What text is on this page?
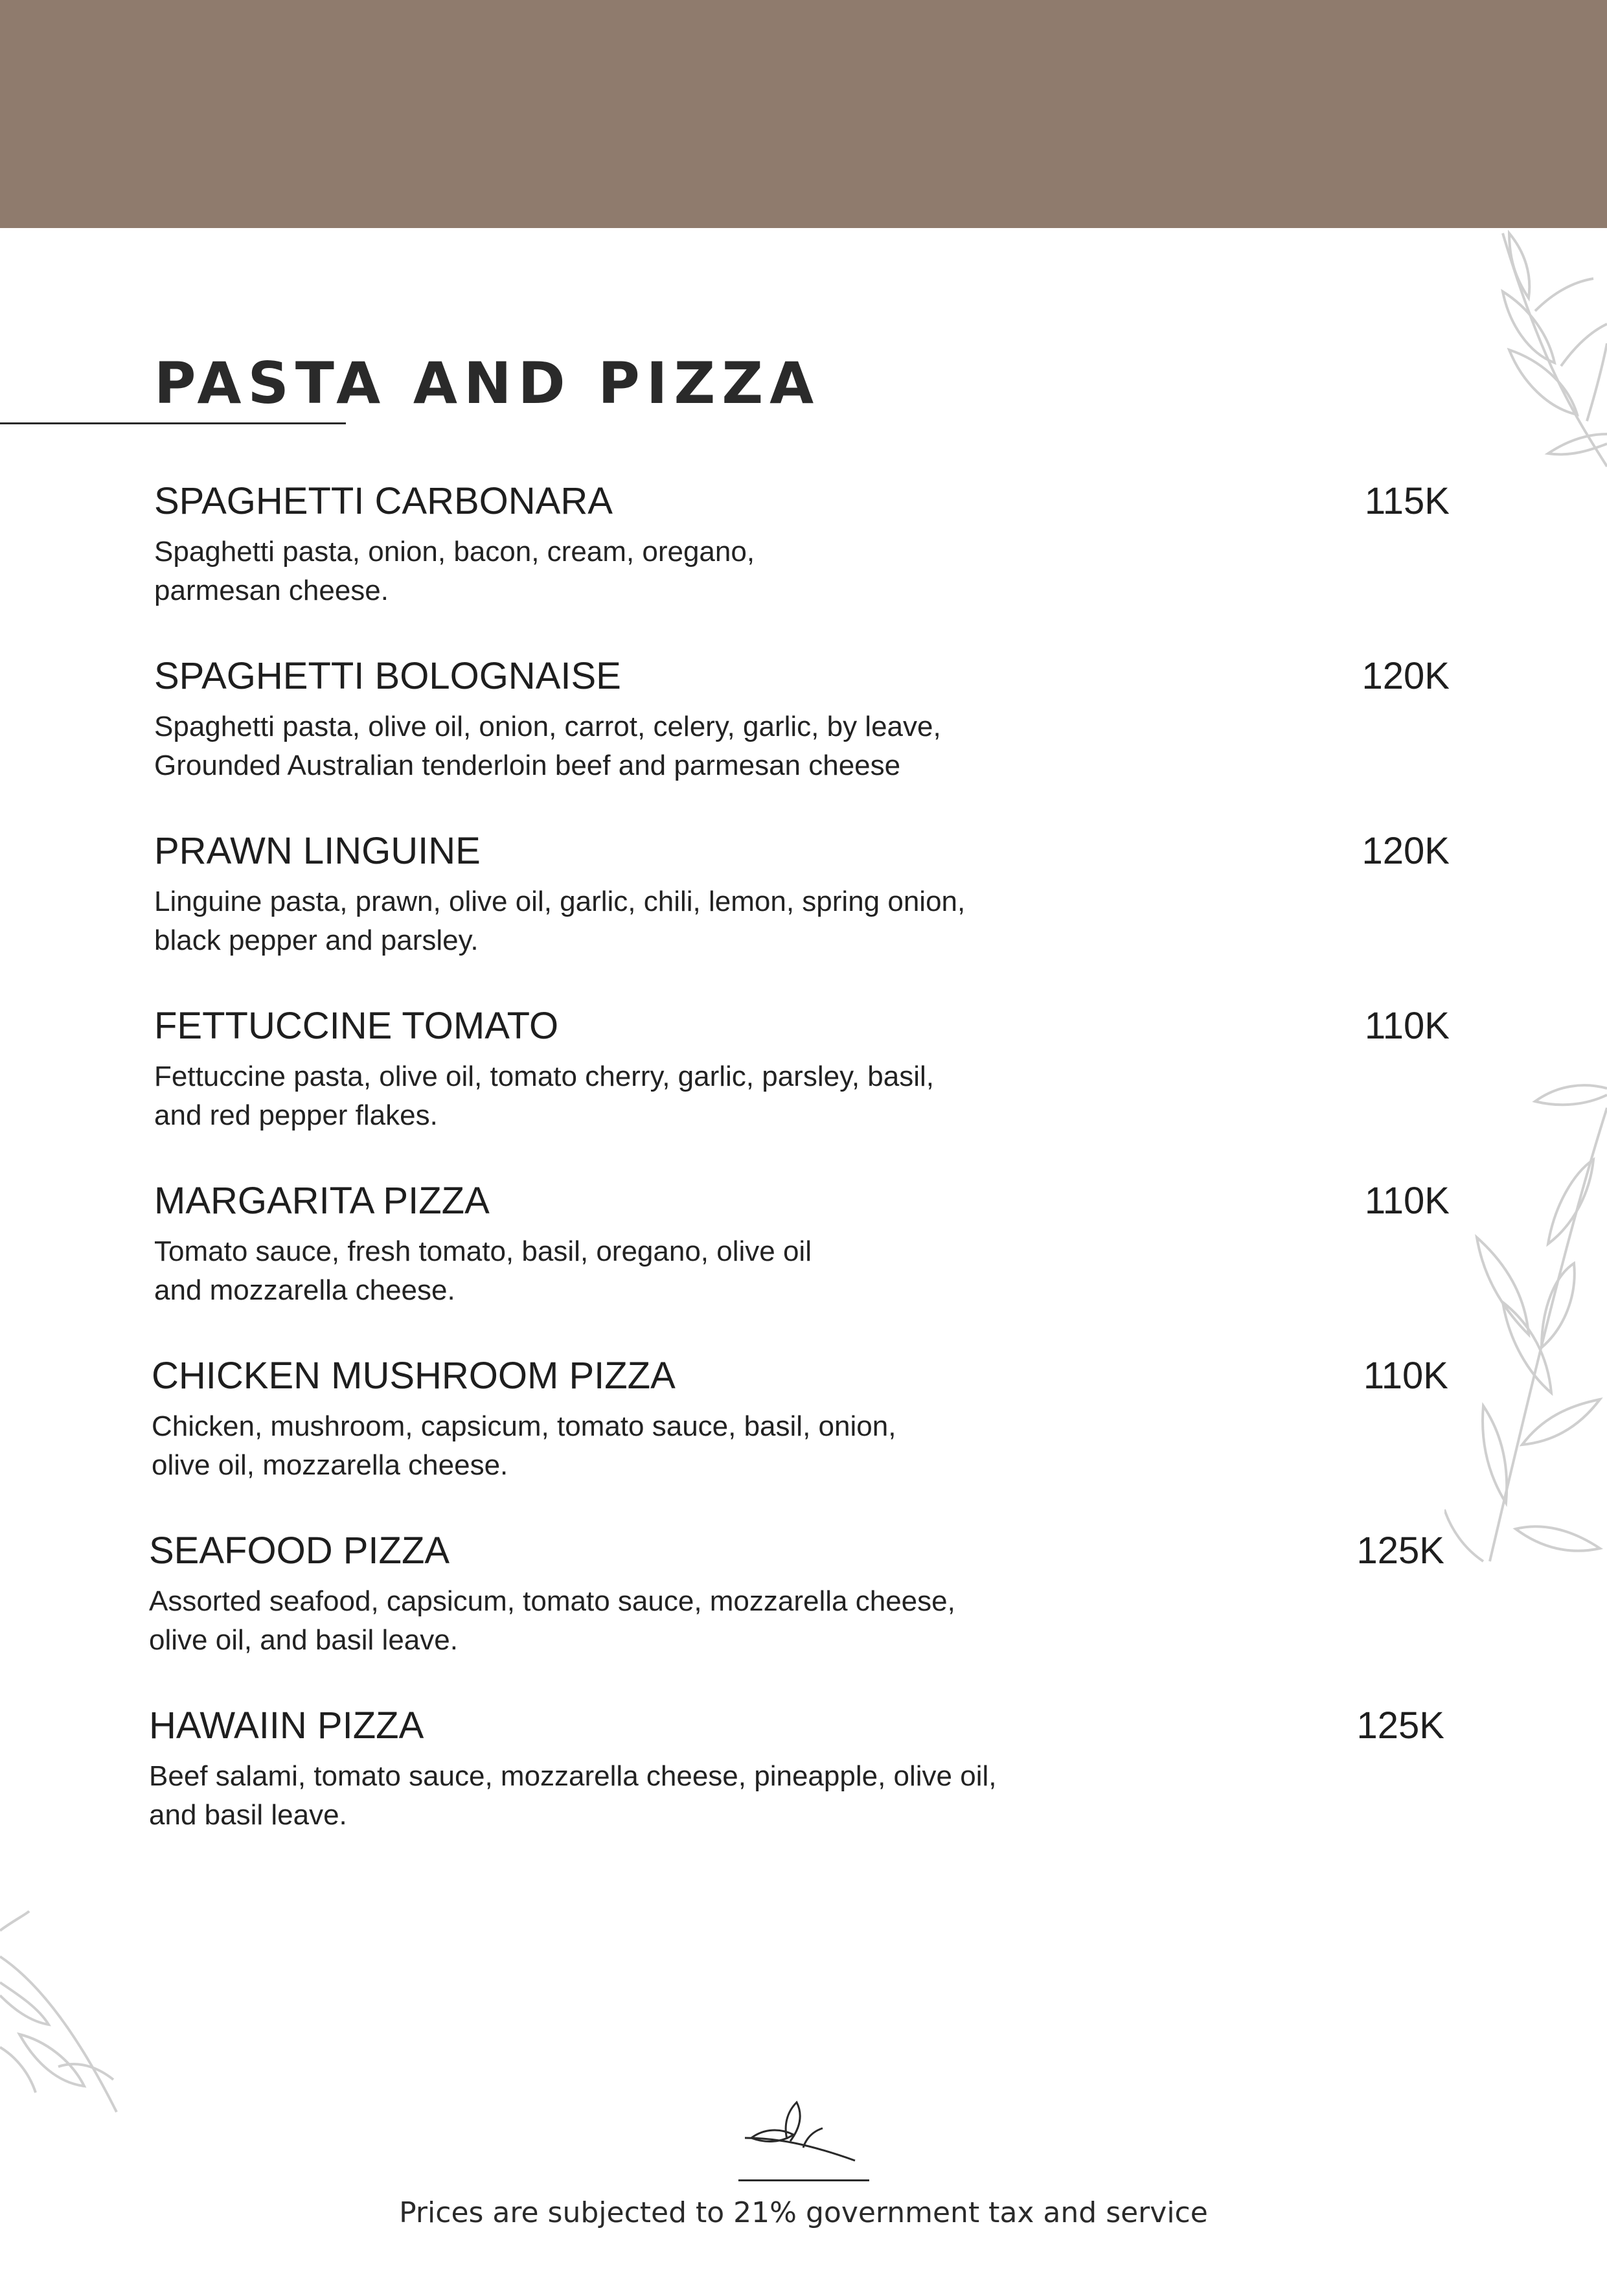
PASTA AND PIZZA
SPAGHETTI CARBONARA
Spaghetti pasta, onion, bacon, cream, oregano,
parmesan cheese.
115K
SPAGHETTI BOLOGNAISE
Spaghetti pasta, olive oil, onion, carrot, celery, garlic, by leave,
Grounded Australian tenderloin beef and parmesan cheese
120K
PRAWN LINGUINE
Linguine pasta, prawn, olive oil, garlic, chili, lemon, spring onion,
black pepper and parsley.
120K
FETTUCCINE TOMATO
Fettuccine pasta, olive oil, tomato cherry, garlic, parsley, basil,
and red pepper flakes.
110K
MARGARITA PIZZA
Tomato sauce, fresh tomato, basil, oregano, olive oil
and mozzarella cheese.
110K
CHICKEN MUSHROOM PIZZA
Chicken, mushroom, capsicum, tomato sauce, basil, onion,
olive oil, mozzarella cheese.
110K
SEAFOOD PIZZA
Assorted seafood, capsicum, tomato sauce, mozzarella cheese,
olive oil, and basil leave.
125K
HAWAIIN PIZZA
Beef salami, tomato sauce, mozzarella cheese, pineapple, olive oil,
and basil leave.
125K
Prices are subjected to 21% government tax and service
